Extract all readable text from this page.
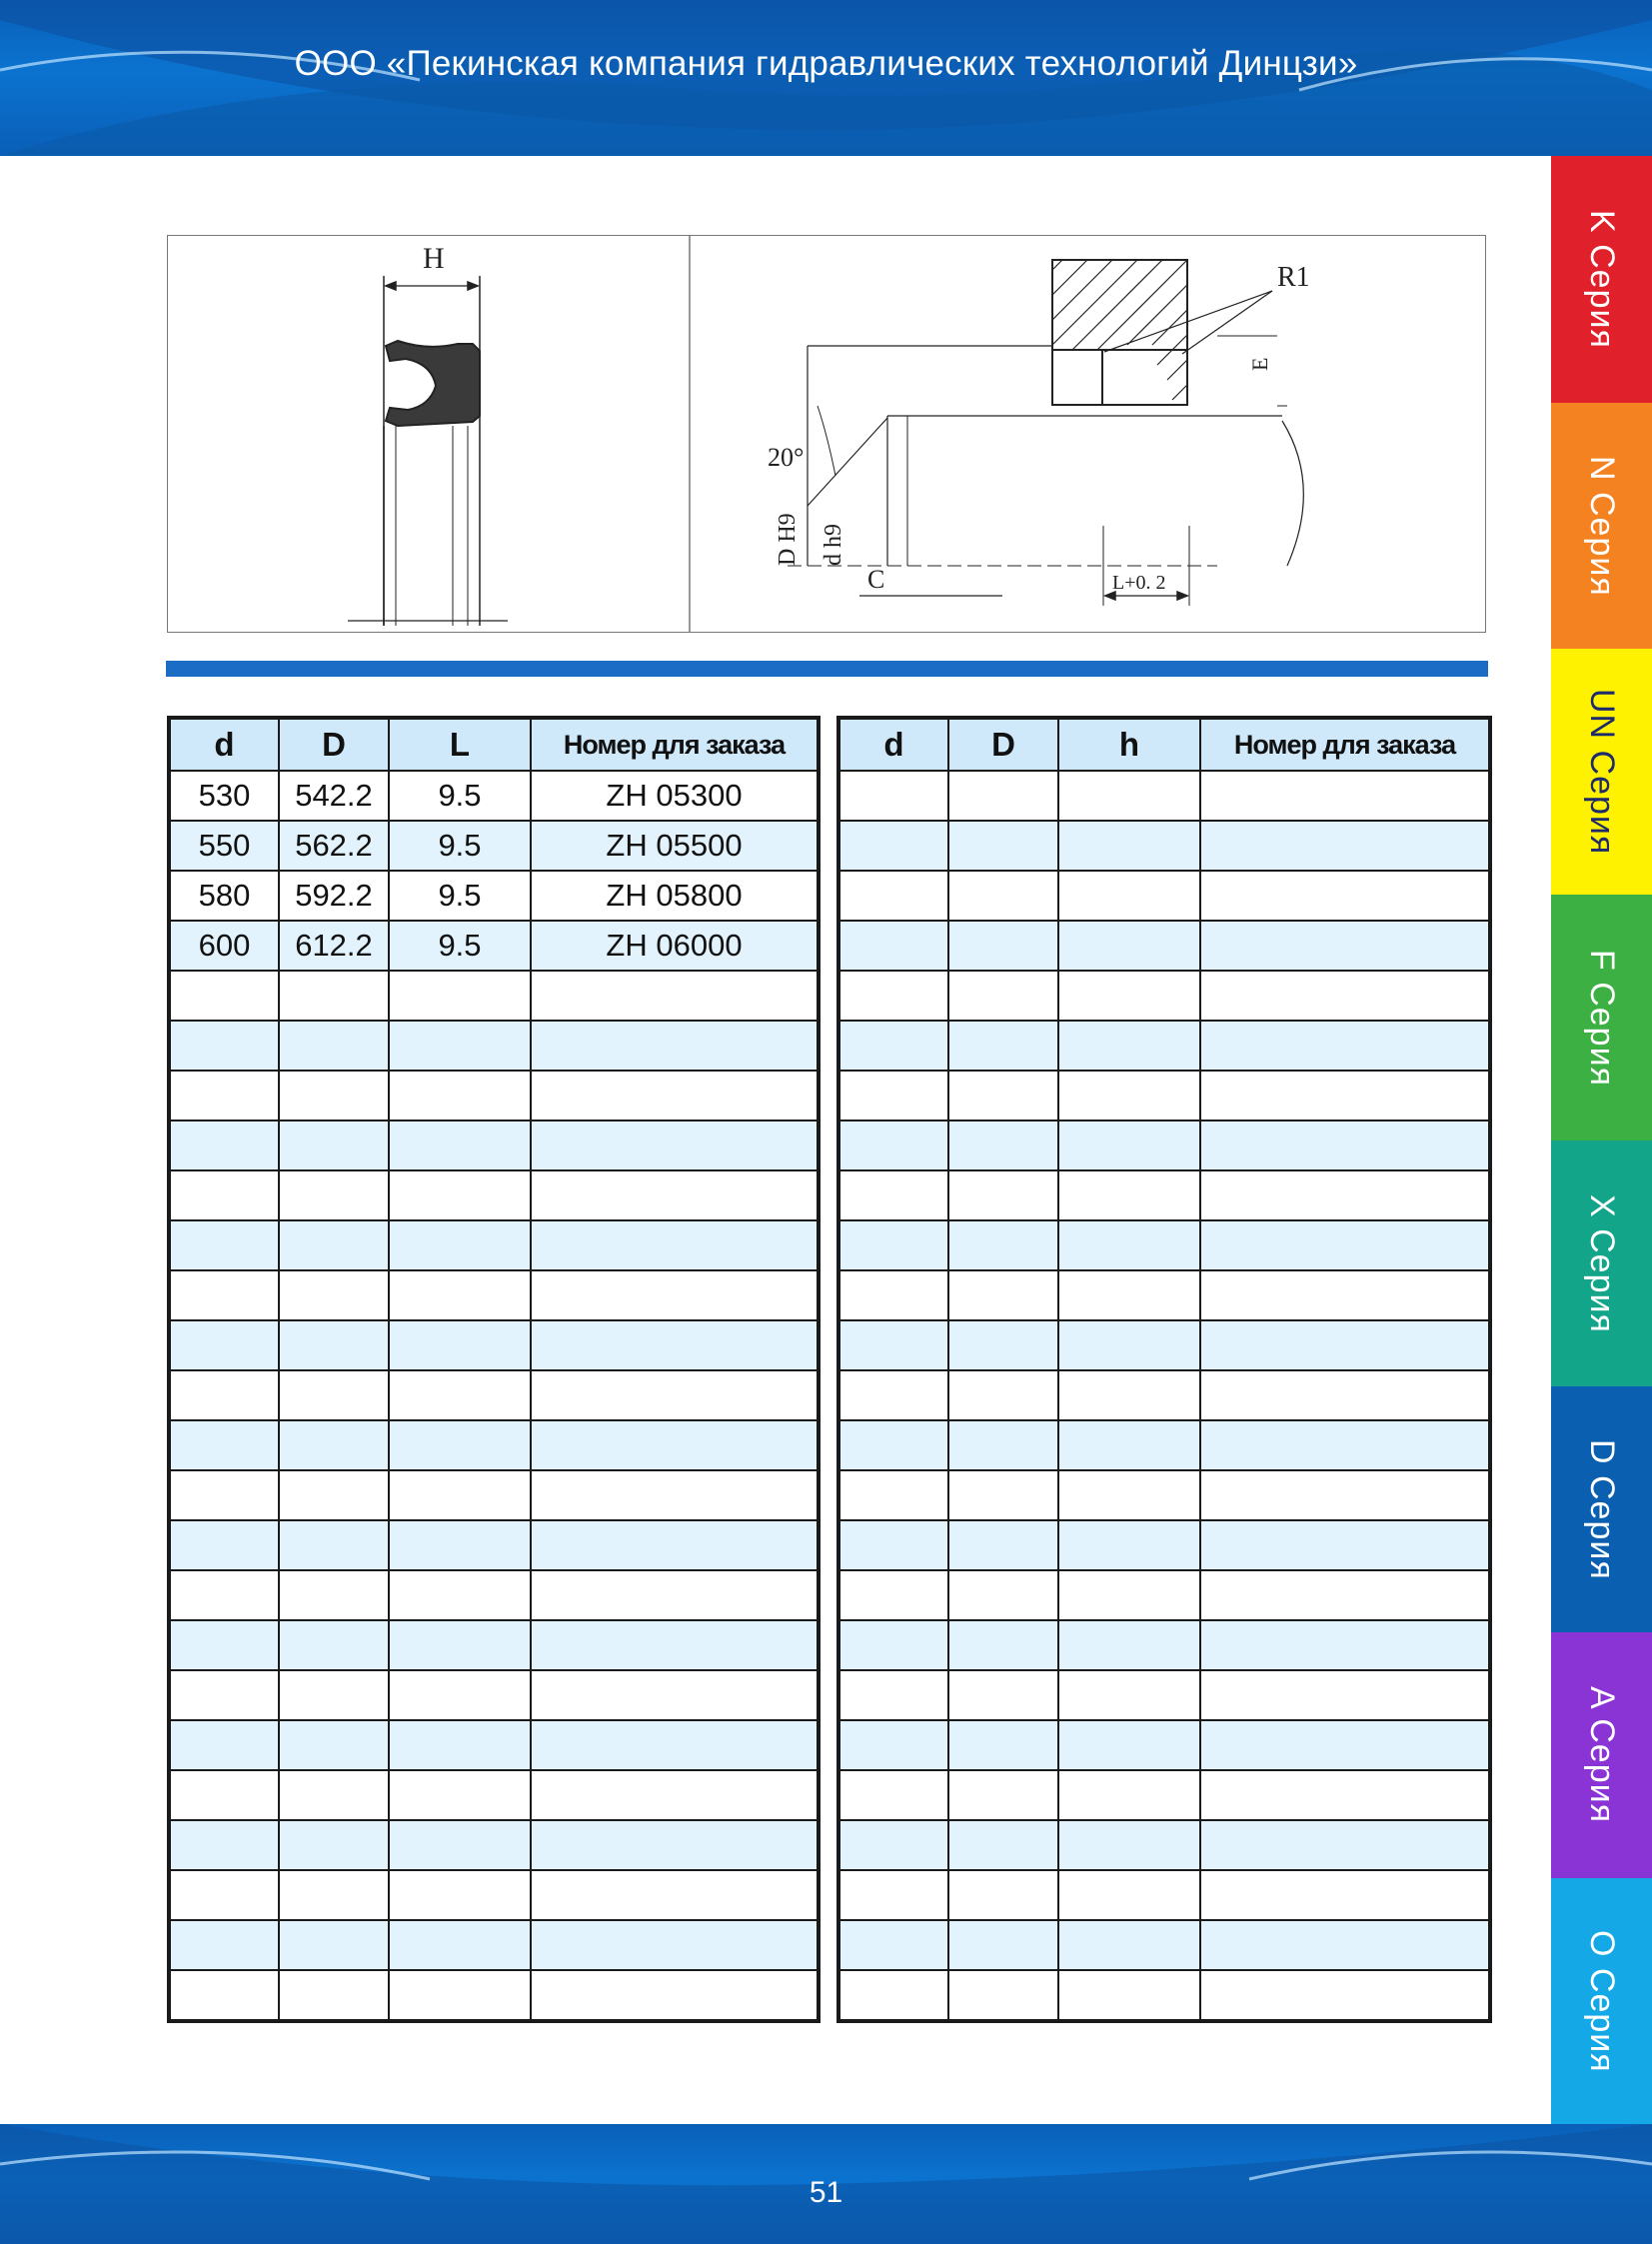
ООО «Пекинская компания гидравлических технологий Динцзи»
K Серия
N Серия
UN Серия
F Серия
X Серия
D Серия
A Серия
O Серия
H
R1
20°
D H9 d h9
C	L+0. 2
E
d	D	L	Номер для заказа
530	542.2	9.5	ZH 05300
550	562.2	9.5	ZH 05500
580	592.2	9.5	ZH 05800
600	612.2	9.5	ZH 06000

d	D	h	Номер для заказа

51
